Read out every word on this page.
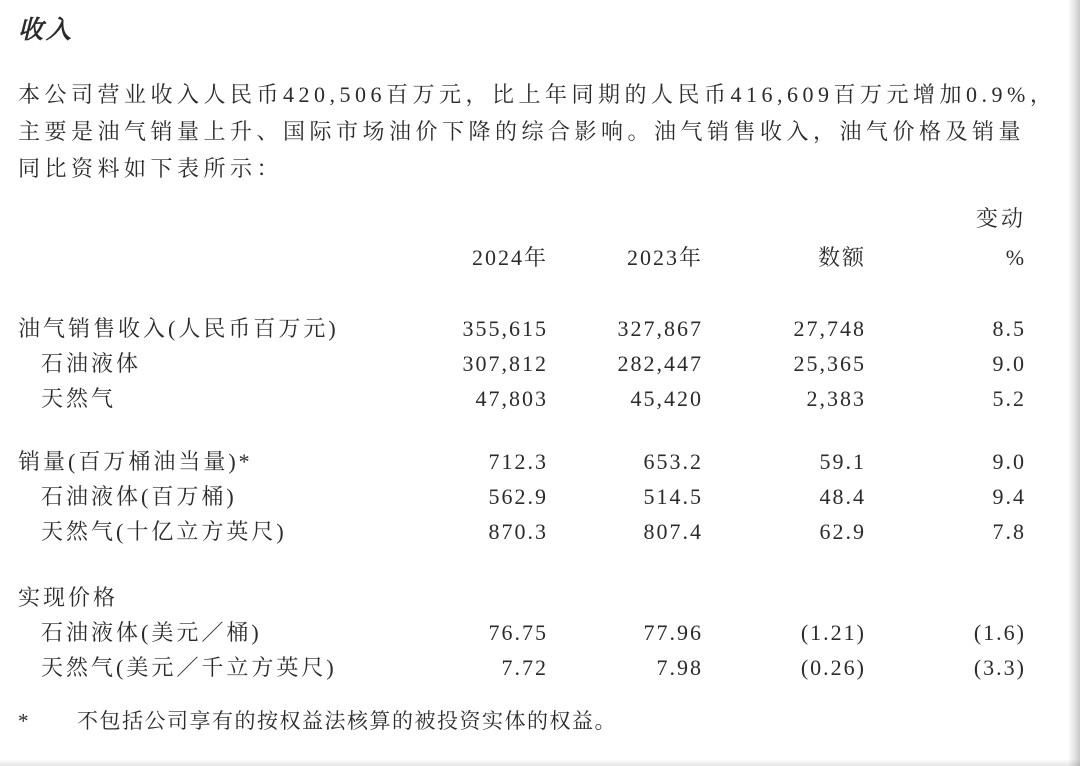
收入
本公司营业收入人民币420,506百万元，比上年同期的人民币416,609百万元增加0.9%，
主要是油气销量上升、国际市场油价下降的综合影响。油气销售收入，油气价格及销量
同比资料如下表所示：
			变动	
	2024年	2023年	数额	%

油气销售收入(人民币百万元)	355,615	327,867	27,748	8.5
石油液体	307,812	282,447	25,365	9.0
天然气	47,803	45,420	2,383	5.2

销量(百万桶油当量)*	712.3	653.2	59.1	9.0
石油液体(百万桶)	562.9	514.5	48.4	9.4
天然气(十亿立方英尺)	870.3	807.4	62.9	7.8

实现价格				
石油液体(美元／桶)	76.75	77.96	(1.21)	(1.6)
天然气(美元／千立方英尺)	7.72	7.98	(0.26)	(3.3)
* 不包括公司享有的按权益法核算的被投资实体的权益。
